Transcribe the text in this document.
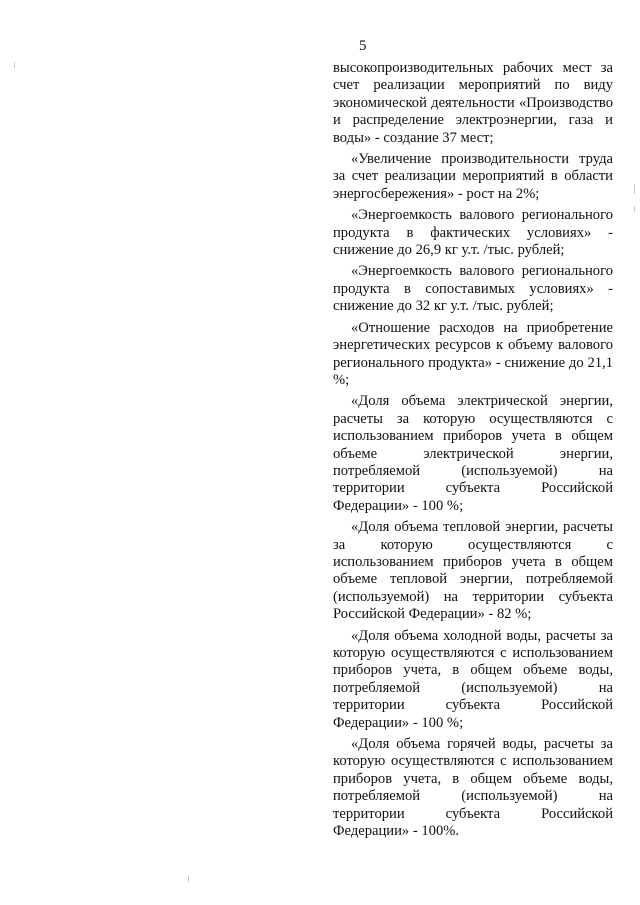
5

высокопроизводительных рабочих мест за счет реализации мероприятий по виду экономической деятельности «Производство и распределение электроэнергии, газа и воды» - создание 37 мест;

«Увеличение производительности труда за счет реализации мероприятий в области энергосбережения» - рост на 2%;

«Энергоемкость валового регионального продукта в фактических условиях» - снижение до 26,9 кг у.т. /тыс. рублей;

«Энергоемкость валового регионального продукта в сопоставимых условиях» - снижение до 32 кг у.т. /тыс. рублей;

«Отношение расходов на приобретение энергетических ресурсов к объему валового регионального продукта» - снижение до 21,1 %;

«Доля объема электрической энергии, расчеты за которую осуществляются с использованием приборов учета в общем объеме электрической энергии, потребляемой (используемой) на территории субъекта Российской Федерации» - 100 %;

«Доля объема тепловой энергии, расчеты за которую осуществляются с использованием приборов учета в общем объеме тепловой энергии, потребляемой (используемой) на территории субъекта Российской Федерации» - 82 %;

«Доля объема холодной воды, расчеты за которую осуществляются с использованием приборов учета, в общем объеме воды, потребляемой (используемой) на территории субъекта Российской Федерации» - 100 %;

«Доля объема горячей воды, расчеты за которую осуществляются с использованием приборов учета, в общем объеме воды, потребляемой (используемой) на территории субъекта Российской Федерации» - 100%.
